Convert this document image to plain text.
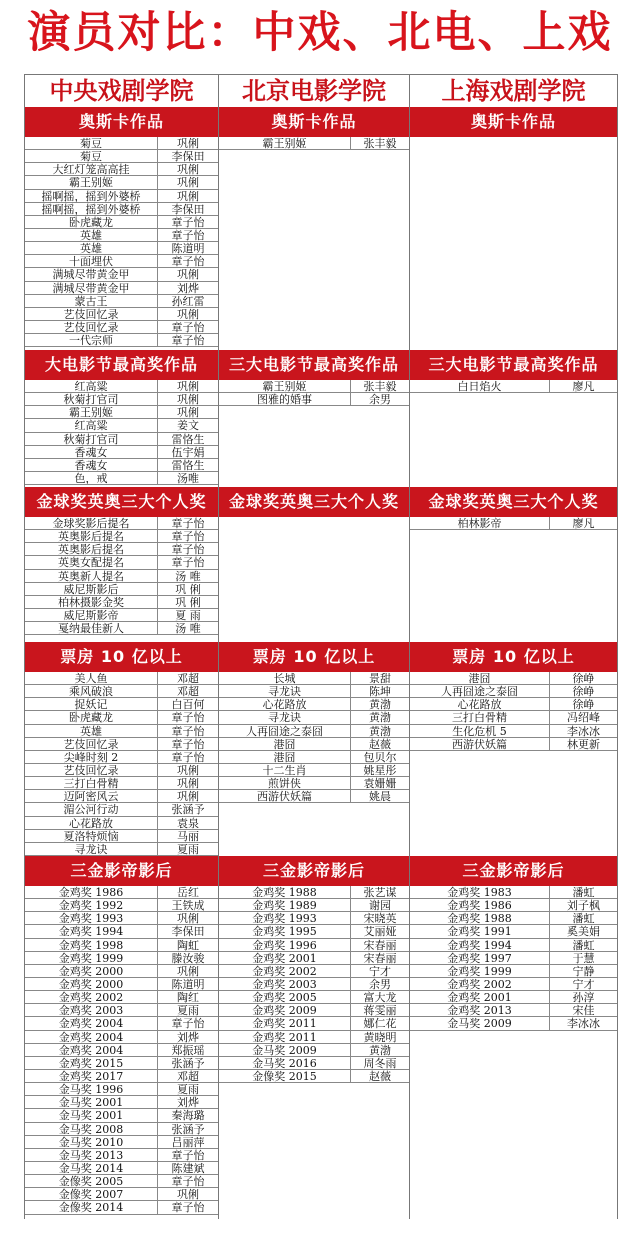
演员对比：中戏、北电、上戏
中央戏剧学院
奥斯卡作品
菊豆	巩俐
菊豆	李保田
大红灯笼高高挂	巩俐
霸王别姬	巩俐
摇啊摇，摇到外婆桥	巩俐
摇啊摇，摇到外婆桥	李保田
卧虎藏龙	章子怡
英雄	章子怡
英雄	陈道明
十面埋伏	章子怡
满城尽带黄金甲	巩俐
满城尽带黄金甲	刘烨
蒙古王	孙红雷
艺伎回忆录	巩俐
艺伎回忆录	章子怡
一代宗师	章子怡
大电影节最高奖作品
红高粱	巩俐
秋菊打官司	巩俐
霸王别姬	巩俐
红高粱	姜文
秋菊打官司	雷恪生
香魂女	伍宇娟
香魂女	雷恪生
色，戒	汤唯
金球奖英奥三大个人奖
金球奖影后提名	章子怡
英奥影后提名	章子怡
英奥影后提名	章子怡
英奥女配提名	章子怡
英奥新人提名	汤 唯
威尼斯影后	巩 俐
柏林摄影金奖	巩 俐
威尼斯影帝	夏 雨
戛纳最佳新人	汤 唯
票房 10 亿以上
美人鱼	邓超
乘风破浪	邓超
捉妖记	白百何
卧虎藏龙	章子怡
英雄	章子怡
艺伎回忆录	章子怡
尖峰时刻 2	章子怡
艺伎回忆录	巩俐
三打白骨精	巩俐
迈阿密风云	巩俐
湄公河行动	张涵予
心花路放	袁泉
夏洛特烦恼	马丽
寻龙诀	夏雨
三金影帝影后
金鸡奖 1986	岳红
金鸡奖 1992	王铁成
金鸡奖 1993	巩俐
金鸡奖 1994	李保田
金鸡奖 1998	陶虹
金鸡奖 1999	滕汝骏
金鸡奖 2000	巩俐
金鸡奖 2000	陈道明
金鸡奖 2002	陶红
金鸡奖 2003	夏雨
金鸡奖 2004	章子怡
金鸡奖 2004	刘烨
金鸡奖 2004	郑振瑶
金鸡奖 2015	张涵予
金鸡奖 2017	邓超
金马奖 1996	夏雨
金马奖 2001	刘烨
金马奖 2001	秦海璐
金马奖 2008	张涵予
金马奖 2010	吕丽萍
金马奖 2013	章子怡
金马奖 2014	陈建斌
金像奖 2005	章子怡
金像奖 2007	巩俐
金像奖 2014	章子怡
北京电影学院
奥斯卡作品
霸王别姬	张丰毅
三大电影节最高奖作品
霸王别姬	张丰毅
图雅的婚事	余男
金球奖英奥三大个人奖
票房 10 亿以上
长城	景甜
寻龙诀	陈坤
心花路放	黄渤
寻龙诀	黄渤
人再囧途之泰囧	黄渤
港囧	赵薇
港囧	包贝尔
十二生肖	姚星彤
煎饼侠	袁姗姗
西游伏妖篇	姚晨
三金影帝影后
金鸡奖 1988	张艺谋
金鸡奖 1989	谢园
金鸡奖 1993	宋晓英
金鸡奖 1995	艾丽娅
金鸡奖 1996	宋春丽
金鸡奖 2001	宋春丽
金鸡奖 2002	宁才
金鸡奖 2003	余男
金鸡奖 2005	富大龙
金鸡奖 2009	蒋雯丽
金鸡奖 2011	娜仁花
金鸡奖 2011	黄晓明
金马奖 2009	黄渤
金马奖 2016	周冬雨
金像奖 2015	赵薇
上海戏剧学院
奥斯卡作品
三大电影节最高奖作品
白日焰火	廖凡
金球奖英奥三大个人奖
柏林影帝	廖凡
票房 10 亿以上
港囧	徐峥
人再囧途之泰囧	徐峥
心花路放	徐峥
三打白骨精	冯绍峰
生化危机 5	李冰冰
西游伏妖篇	林更新
三金影帝影后
金鸡奖 1983	潘虹
金鸡奖 1986	刘子枫
金鸡奖 1988	潘虹
金鸡奖 1991	奚美娟
金鸡奖 1994	潘虹
金鸡奖 1997	于慧
金鸡奖 1999	宁静
金鸡奖 2002	宁才
金鸡奖 2001	孙淳
金鸡奖 2013	宋佳
金马奖 2009	李冰冰
